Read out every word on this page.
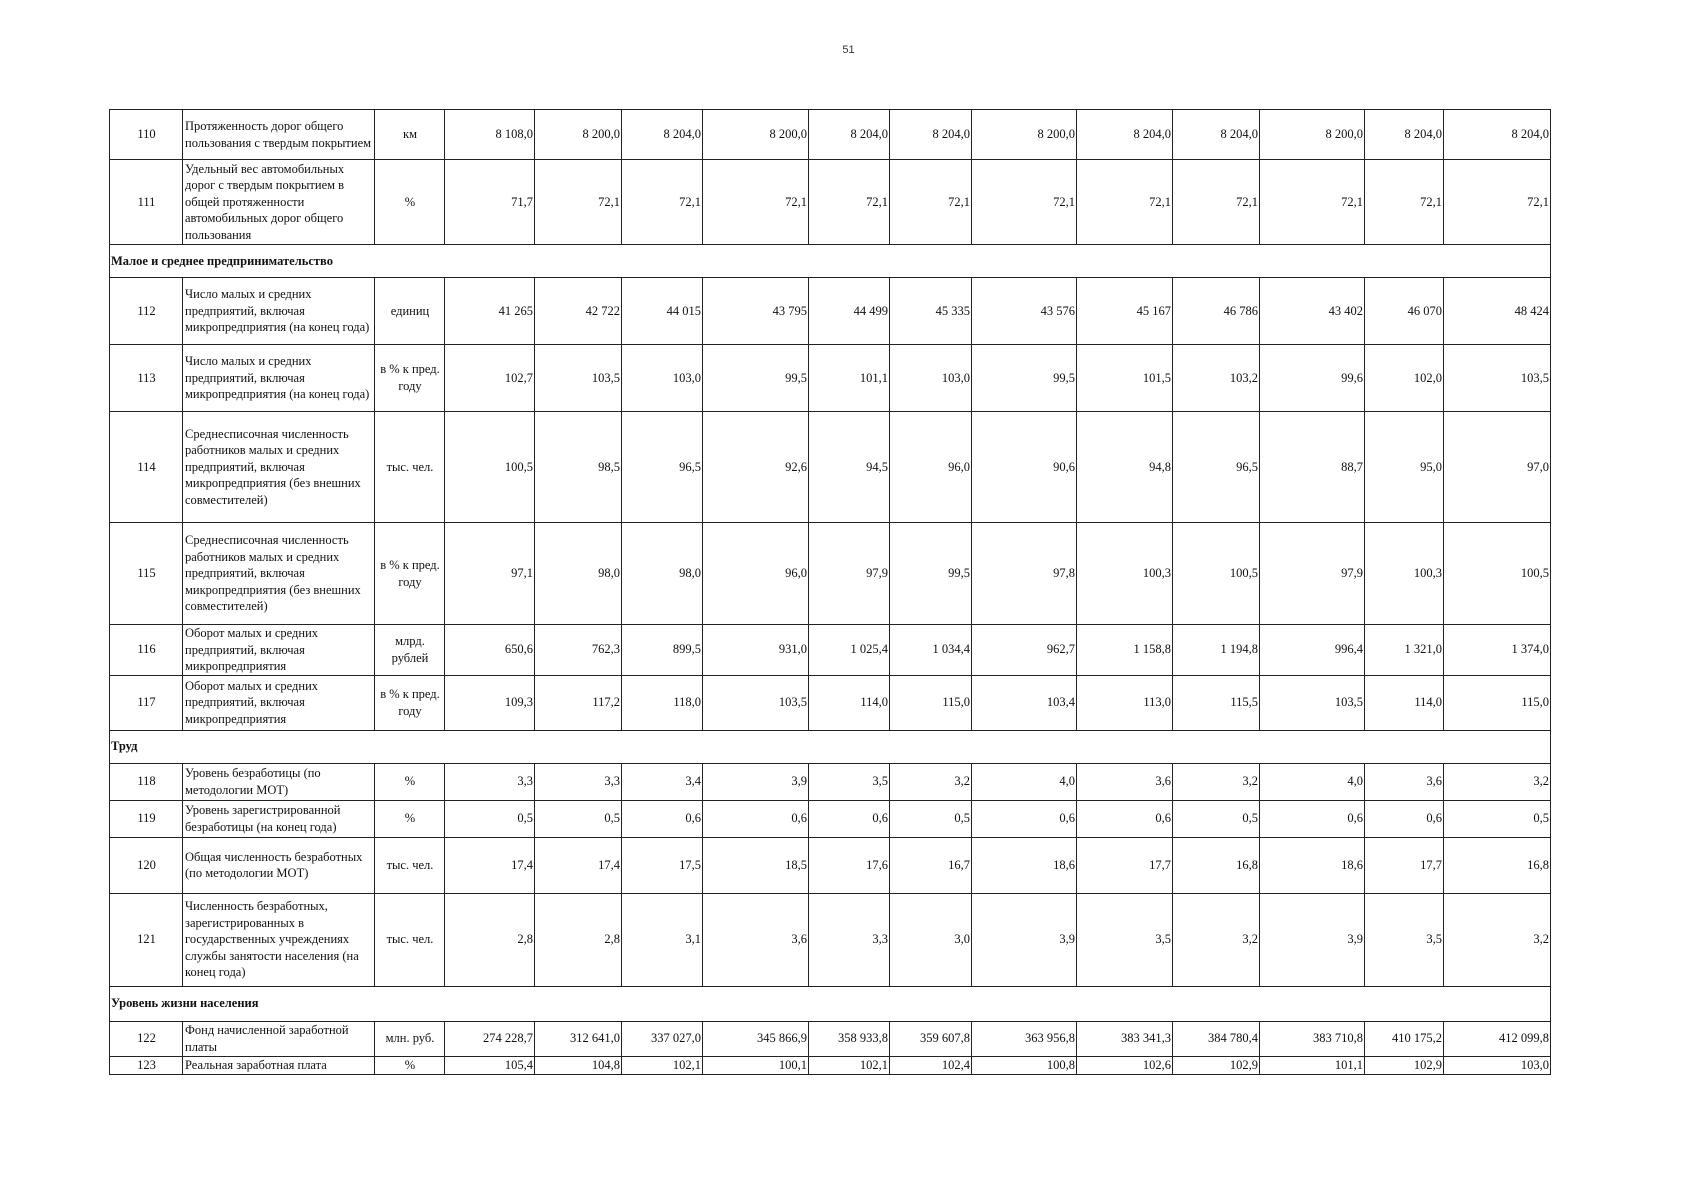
51
110	Протяженность дорог общего пользования с твердым покрытием	км	8 108,0	8 200,0	8 204,0	8 200,0	8 204,0	8 204,0	8 200,0	8 204,0	8 204,0	8 200,0	8 204,0	8 204,0
111	Удельный вес автомобильных дорог с твердым покрытием в общей протяженности автомобильных дорог общего пользования	%	71,7	72,1	72,1	72,1	72,1	72,1	72,1	72,1	72,1	72,1	72,1	72,1
Малое и среднее предпринимательство														
112	Число малых и средних предприятий, включая микропредприятия (на конец года)	единиц	41 265	42 722	44 015	43 795	44 499	45 335	43 576	45 167	46 786	43 402	46 070	48 424
113	Число малых и средних предприятий, включая микропредприятия (на конец года)	в % к пред. году	102,7	103,5	103,0	99,5	101,1	103,0	99,5	101,5	103,2	99,6	102,0	103,5
114	Среднесписочная численность работников малых и средних предприятий, включая микропредприятия (без внешних совместителей)	тыс. чел.	100,5	98,5	96,5	92,6	94,5	96,0	90,6	94,8	96,5	88,7	95,0	97,0
115	Среднесписочная численность работников малых и средних предприятий, включая микропредприятия (без внешних совместителей)	в % к пред. году	97,1	98,0	98,0	96,0	97,9	99,5	97,8	100,3	100,5	97,9	100,3	100,5
116	Оборот малых и средних предприятий, включая микропредприятия	млрд. рублей	650,6	762,3	899,5	931,0	1 025,4	1 034,4	962,7	1 158,8	1 194,8	996,4	1 321,0	1 374,0
117	Оборот малых и средних предприятий, включая микропредприятия	в % к пред. году	109,3	117,2	118,0	103,5	114,0	115,0	103,4	113,0	115,5	103,5	114,0	115,0
Труд														
118	Уровень безработицы (по методологии МОТ)	%	3,3	3,3	3,4	3,9	3,5	3,2	4,0	3,6	3,2	4,0	3,6	3,2
119	Уровень зарегистрированной безработицы (на конец года)	%	0,5	0,5	0,6	0,6	0,6	0,5	0,6	0,6	0,5	0,6	0,6	0,5
120	Общая численность безработных (по методологии МОТ)	тыс. чел.	17,4	17,4	17,5	18,5	17,6	16,7	18,6	17,7	16,8	18,6	17,7	16,8
121	Численность безработных, зарегистрированных в государственных учреждениях службы занятости населения (на конец года)	тыс. чел.	2,8	2,8	3,1	3,6	3,3	3,0	3,9	3,5	3,2	3,9	3,5	3,2
Уровень жизни населения														
122	Фонд начисленной заработной платы	млн. руб.	274 228,7	312 641,0	337 027,0	345 866,9	358 933,8	359 607,8	363 956,8	383 341,3	384 780,4	383 710,8	410 175,2	412 099,8
123	Реальная заработная плата	%	105,4	104,8	102,1	100,1	102,1	102,4	100,8	102,6	102,9	101,1	102,9	103,0
